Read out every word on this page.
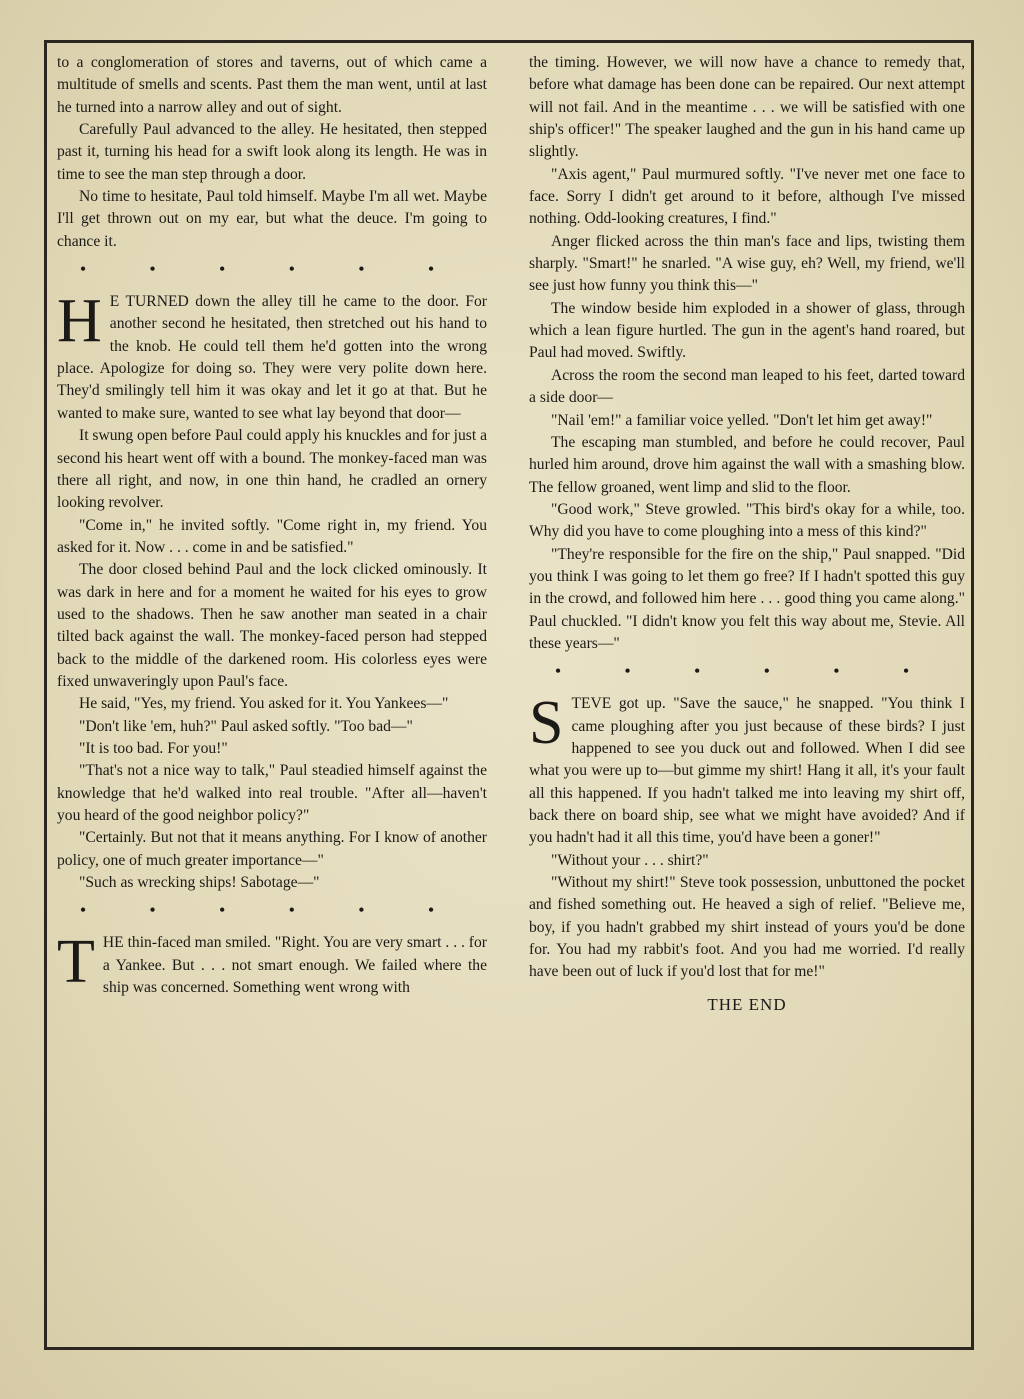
to a conglomeration of stores and taverns, out of which came a multitude of smells and scents. Past them the man went, until at last he turned into a narrow alley and out of sight.

Carefully Paul advanced to the alley. He hesitated, then stepped past it, turning his head for a swift look along its length. He was in time to see the man step through a door.

No time to hesitate, Paul told himself. Maybe I'm all wet. Maybe I'll get thrown out on my ear, but what the deuce. I'm going to chance it.

• • • • • •

H E TURNED down the alley till he came to the door. For another second he hesitated, then stretched out his hand to the knob. He could tell them he'd gotten into the wrong place. Apologize for doing so. They were very polite down here. They'd smilingly tell him it was okay and let it go at that. But he wanted to make sure, wanted to see what lay beyond that door—

It swung open before Paul could apply his knuckles and for just a second his heart went off with a bound. The monkey-faced man was there all right, and now, in one thin hand, he cradled an ornery looking revolver.

"Come in," he invited softly. "Come right in, my friend. You asked for it. Now . . . come in and be satisfied."

The door closed behind Paul and the lock clicked ominously. It was dark in here and for a moment he waited for his eyes to grow used to the shadows. Then he saw another man seated in a chair tilted back against the wall. The monkey-faced person had stepped back to the middle of the darkened room. His colorless eyes were fixed unwaveringly upon Paul's face.

He said, "Yes, my friend. You asked for it. You Yankees—"

"Don't like 'em, huh?" Paul asked softly. "Too bad—"

"It is too bad. For you!"

"That's not a nice way to talk," Paul steadied himself against the knowledge that he'd walked into real trouble. "After all—haven't you heard of the good neighbor policy?"

"Certainly. But not that it means anything. For I know of another policy, one of much greater importance—"

"Such as wrecking ships! Sabotage—"

• • • • • •

THE thin-faced man smiled. "Right. You are very smart . . . for a Yankee. But . . . not smart enough. We failed where the ship was concerned. Something went wrong with

the timing. However, we will now have a chance to remedy that, before what damage has been done can be repaired. Our next attempt will not fail. And in the meantime . . . we will be satisfied with one ship's officer!" The speaker laughed and the gun in his hand came up slightly.

"Axis agent," Paul murmured softly. "I've never met one face to face. Sorry I didn't get around to it before, although I've missed nothing. Odd-looking creatures, I find."

Anger flicked across the thin man's face and lips, twisting them sharply. "Smart!" he snarled. "A wise guy, eh? Well, my friend, we'll see just how funny you think this—"

The window beside him exploded in a shower of glass, through which a lean figure hurtled. The gun in the agent's hand roared, but Paul had moved. Swiftly.

Across the room the second man leaped to his feet, darted toward a side door—

"Nail 'em!" a familiar voice yelled. "Don't let him get away!"

The escaping man stumbled, and before he could recover, Paul hurled him around, drove him against the wall with a smashing blow. The fellow groaned, went limp and slid to the floor.

"Good work," Steve growled. "This bird's okay for a while, too. Why did you have to come ploughing into a mess of this kind?"

"They're responsible for the fire on the ship," Paul snapped. "Did you think I was going to let them go free? If I hadn't spotted this guy in the crowd, and followed him here . . . good thing you came along." Paul chuckled. "I didn't know you felt this way about me, Stevie. All these years—"

• • • • • •

STEVE got up. "Save the sauce," he snapped. "You think I came ploughing after you just because of these birds? I just happened to see you duck out and followed. When I did see what you were up to—but gimme my shirt! Hang it all, it's your fault all this happened. If you hadn't talked me into leaving my shirt off, back there on board ship, see what we might have avoided? And if you hadn't had it all this time, you'd have been a goner!"

"Without your . . . shirt?"

"Without my shirt!" Steve took possession, unbuttoned the pocket and fished something out. He heaved a sigh of relief. "Believe me, boy, if you hadn't grabbed my shirt instead of yours you'd be done for. You had my rabbit's foot. And you had me worried. I'd really have been out of luck if you'd lost that for me!"

THE END
